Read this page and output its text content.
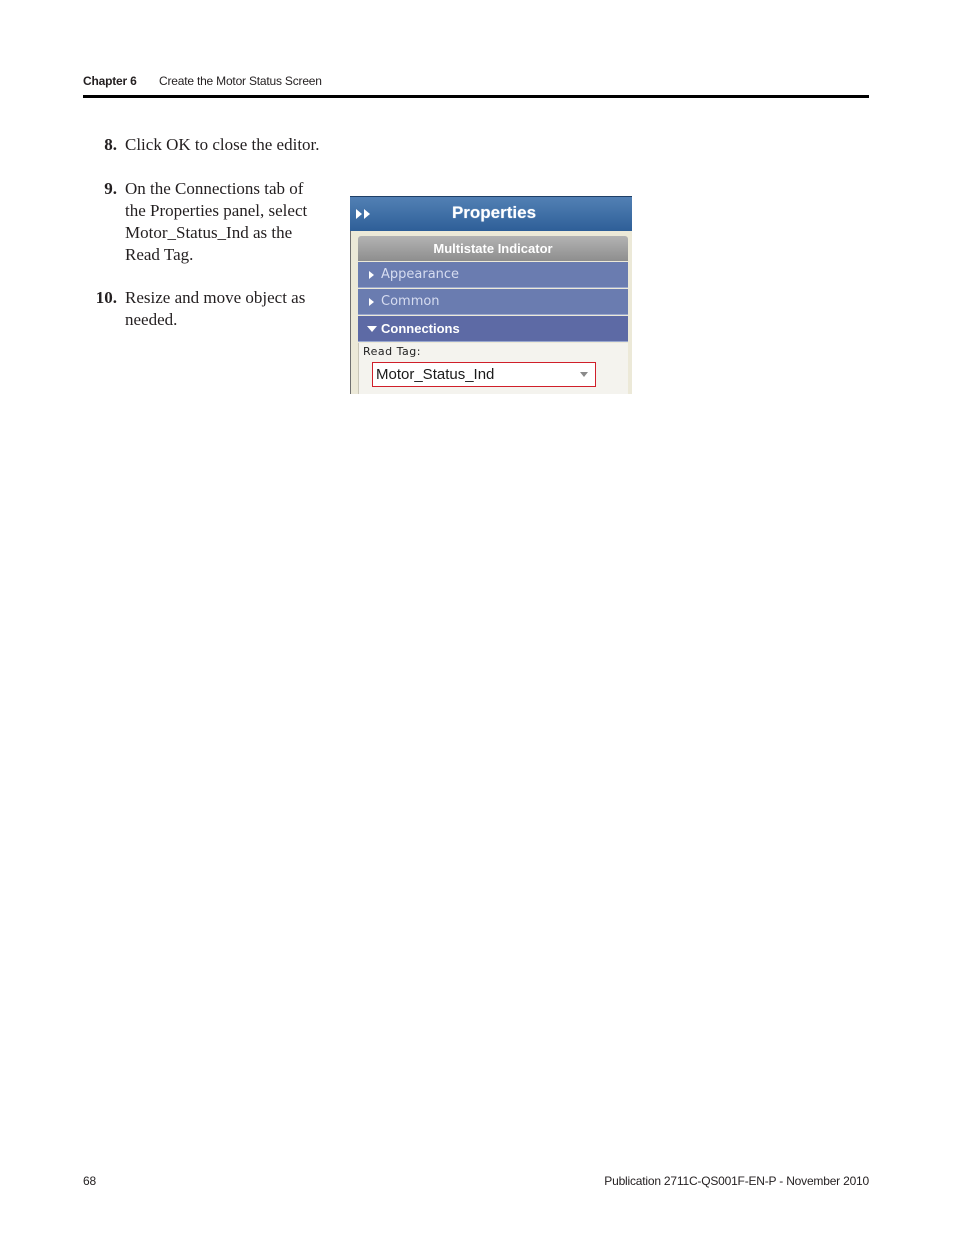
Chapter 6 Create the Motor Status Screen
8. Click OK to close the editor.
9. On the Connections tab of the Properties panel, select Motor_Status_Ind as the Read Tag.
10. Resize and move object as needed.
Properties
Multistate Indicator
Appearance
Common
Connections
Read Tag:
Motor_Status_Ind
68	Publication 2711C-QS001F-EN-P - November 2010
